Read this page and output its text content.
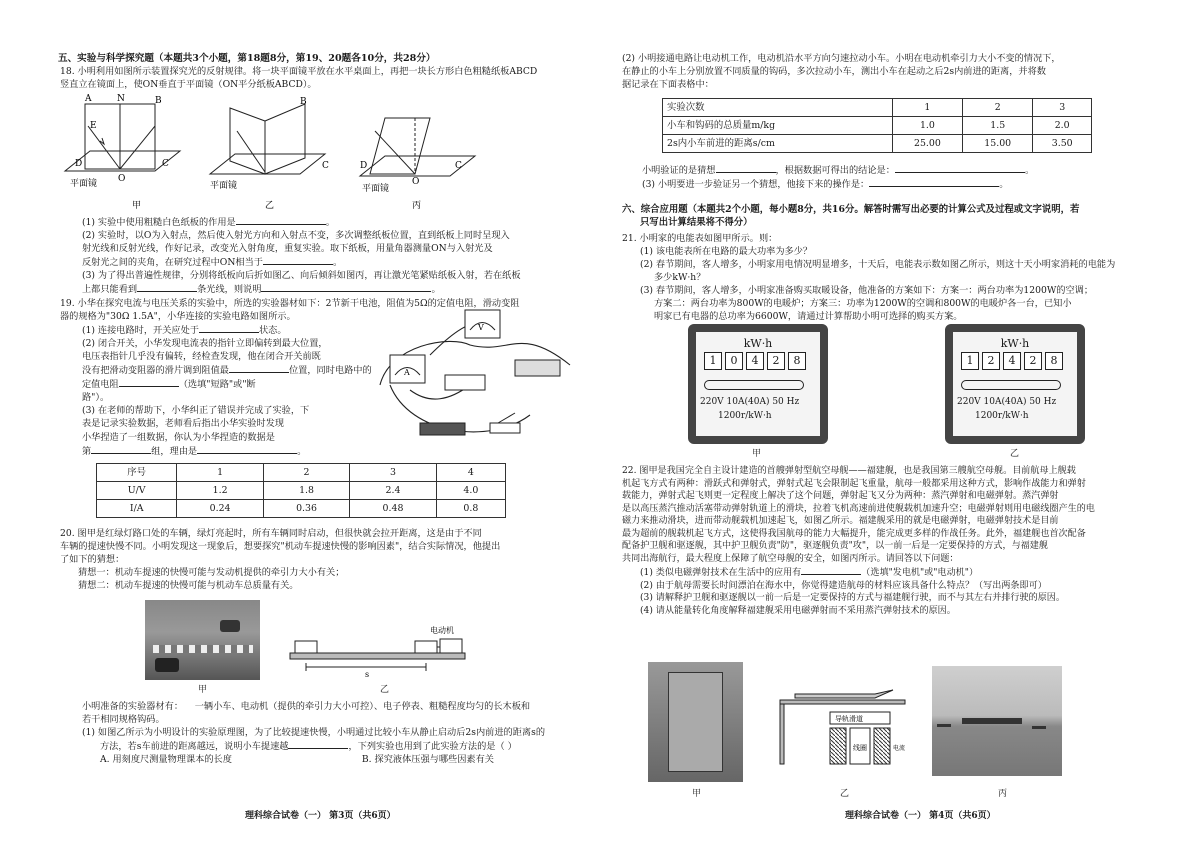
五、实验与科学探究题（本题共3个小题，第18题8分，第19、20题各10分，共28分）

18. 小明利用如图所示装置探究光的反射规律。将一块平面镜平放在水平桌面上，再把一块长方形白色粗糙纸板ABCD

竖直立在镜面上，使ON垂直于平面镜（ON平分纸板ABCD）。

A	N	B
E
D
O
C
平面镜
B
C
平面镜
D
O
C
平面镜
甲	乙	丙

(1) 实验中使用粗糙白色纸板的作用是	。

(2) 实验时，以O为入射点，然后使入射光方向和入射点不变，多次调整纸板位置，直到纸板上同时呈现入

射光线和反射光线，作好记录，改变光入射角度，重复实验。取下纸板，用量角器测量ON与入射光及

反射光之间的夹角，在研究过程中ON相当于	。

(3) 为了得出普遍性规律，分别将纸板向后折如图乙、向后倾斜如图丙，再让激光笔紧贴纸板入射，若在纸板

上都只能看到	条光线，则说明	。

19. 小华在探究电流与电压关系的实验中，所选的实验器材如下：2节新干电池，阻值为5Ω的定值电阻，滑动变阻

器的规格为"30Ω 1.5A"，小华连接的实验电路如图所示。

(1) 连接电路时，开关应处于	状态。

(2) 闭合开关，小华发现电流表的指针立即偏转到最大位置，

电压表指针几乎没有偏转，经检查发现，他在闭合开关前既

没有把滑动变阻器的滑片调到阻值最	位置，同时电路中的

定值电阻	（选填"短路"或"断

路"）。

(3) 在老师的帮助下，小华纠正了错误并完成了实验，下

表是记录实验数据，老师看后指出小华实验时发现

小华捏造了一组数据，你认为小华捏造的数据是

第	组，理由是	。

A
V
序号	1	2	3	4
U/V	1.2	1.8	2.4	4.0
I/A	0.24	0.36	0.48	0.8

20. 图甲是红绿灯路口处的车辆，绿灯亮起时，所有车辆同时启动，但很快就会拉开距离，这是由于不同

车辆的提速快慢不同。小明发现这一现象后，想要探究"机动车提速快慢的影响因素"，结合实际情况，他提出

了如下的猜想：

猜想一：机动车提速的快慢可能与发动机提供的牵引力大小有关；

猜想二：机动车提速的快慢可能与机动车总质量有关。

甲
s
电动机
乙

小明准备的实验器材有： 一辆小车、电动机（提供的牵引力大小可控）、电子停表、粗糙程度均匀的长木板和

若干相同规格钩码。

(1) 如图乙所示为小明设计的实验原理图，为了比较提速快慢，小明通过比较小车从静止启动后2s内前进的距离s的

方法，若s车前进的距离越远，说明小车提速越	，下列实验也用到了此实验方法的是（ ）

A. 用刻度尺测量物理课本的长度	B. 探究液体压强与哪些因素有关

理科综合试卷（一） 第3页（共6页）

(2) 小明接通电路让电动机工作，电动机沿水平方向匀速拉动小车。小明在电动机牵引力大小不变的情况下，

在静止的小车上分别放置不同质量的钩码，多次拉动小车，测出小车在起动之后2s内前进的距离，并将数

据记录在下面表格中：

实验次数	1	2	3
小车和钩码的总质量m/kg	1.0	1.5	2.0
2s内小车前进的距离s/cm	25.00	15.00	3.50

小明验证的是猜想	，根据数据可得出的结论是：	。

(3) 小明要进一步验证另一个猜想，他接下来的操作是：	。

六、综合应用题（本题共2个小题，每小题8分，共16分。解答时需写出必要的计算公式及过程或文字说明，若

只写出计算结果将不得分）

21. 小明家的电能表如图甲所示。则：

(1) 该电能表所在电路的最大功率为多少？

(2) 春节期间，客人增多，小明家用电情况明显增多，十天后，电能表示数如图乙所示，则这十天小明家消耗的电能为

多少kW·h？

(3) 春节期间，客人增多，小明家准备购买取暖设备，他准备的方案如下：方案一：两台功率为1200W的空调；

方案二：两台功率为800W的电暖炉；方案三：功率为1200W的空调和800W的电暖炉各一台，已知小

明家已有电器的总功率为6600W，请通过计算帮助小明可选择的购买方案。

kW·h
1	0	4	2	8
220V 10A(40A) 50 Hz
1200r/kW·h
甲
kW·h
1	2	4	2	8
220V 10A(40A) 50 Hz
1200r/kW·h
乙

22. 图甲是我国完全自主设计建造的首艘弹射型航空母舰——福建舰，也是我国第三艘航空母舰。目前航母上舰载

机起飞方式有两种：滑跃式和弹射式，弹射式起飞会限制起飞重量，航母一般都采用这种方式，影响作战能力和弹射

载能力，弹射式起飞则更一定程度上解决了这个问题，弹射起飞又分为两种：蒸汽弹射和电磁弹射。蒸汽弹射

是以高压蒸汽推动活塞带动弹射轨道上的滑块，拉着飞机高速前进使舰载机加速升空；电磁弹射则用电磁线圈产生的电

磁力来推动滑块，进而带动舰载机加速起飞，如图乙所示。福建舰采用的就是电磁弹射，电磁弹射技术是目前

最为超前的舰载机起飞方式，这使得我国航母的能力大幅提升，能完成更多样的作战任务。此外，福建舰也首次配备

配备护卫舰和驱逐舰，其中护卫舰负责"防"，驱逐舰负责"攻"，以一前一后是一定要保持的方式，与福建舰

共同出海航行，最大程度上保障了航空母舰的安全，如图丙所示。请回答以下问题：

(1) 类似电磁弹射技术在生活中的应用有	（选填"发电机"或"电动机"）

(2) 由于航母需要长时间漂泊在海水中，你觉得建造航母的材料应该具备什么特点？（写出两条即可）

(3) 请解释护卫舰和驱逐舰以一前一后是一定要保持的方式与福建舰行驶，而不与其左右并排行驶的原因。

(4) 请从能量转化角度解释福建舰采用电磁弹射而不采用蒸汽弹射技术的原因。

甲
导轨滑道
线圈	电流
乙	丙
理科综合试卷（一） 第4页（共6页）
